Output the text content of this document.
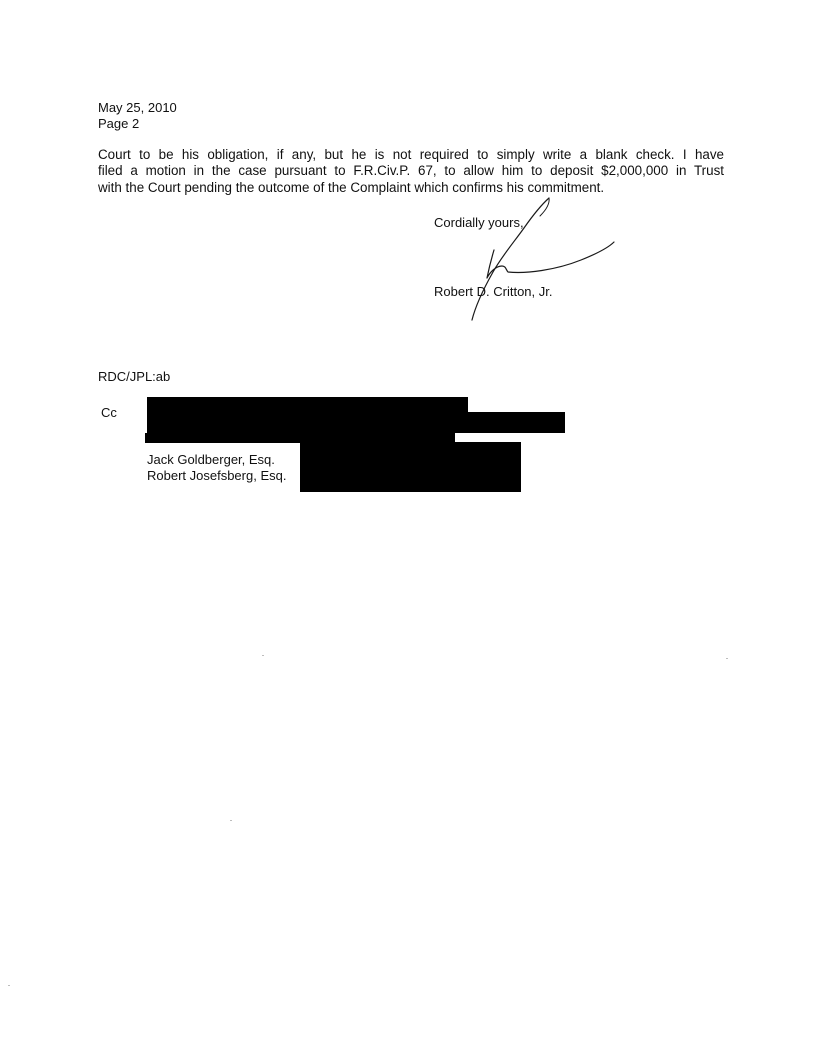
May 25, 2010
Page 2
Court to be his obligation, if any, but he is not required to simply write a blank check. I have
filed a motion in the case pursuant to F.R.Civ.P. 67, to allow him to deposit $2,000,000 in Trust
with the Court pending the outcome of the Complaint which confirms his commitment.
Cordially yours,
Robert D. Critton, Jr.
RDC/JPL:ab
Cc
Jack Goldberger, Esq.
Robert Josefsberg, Esq.
